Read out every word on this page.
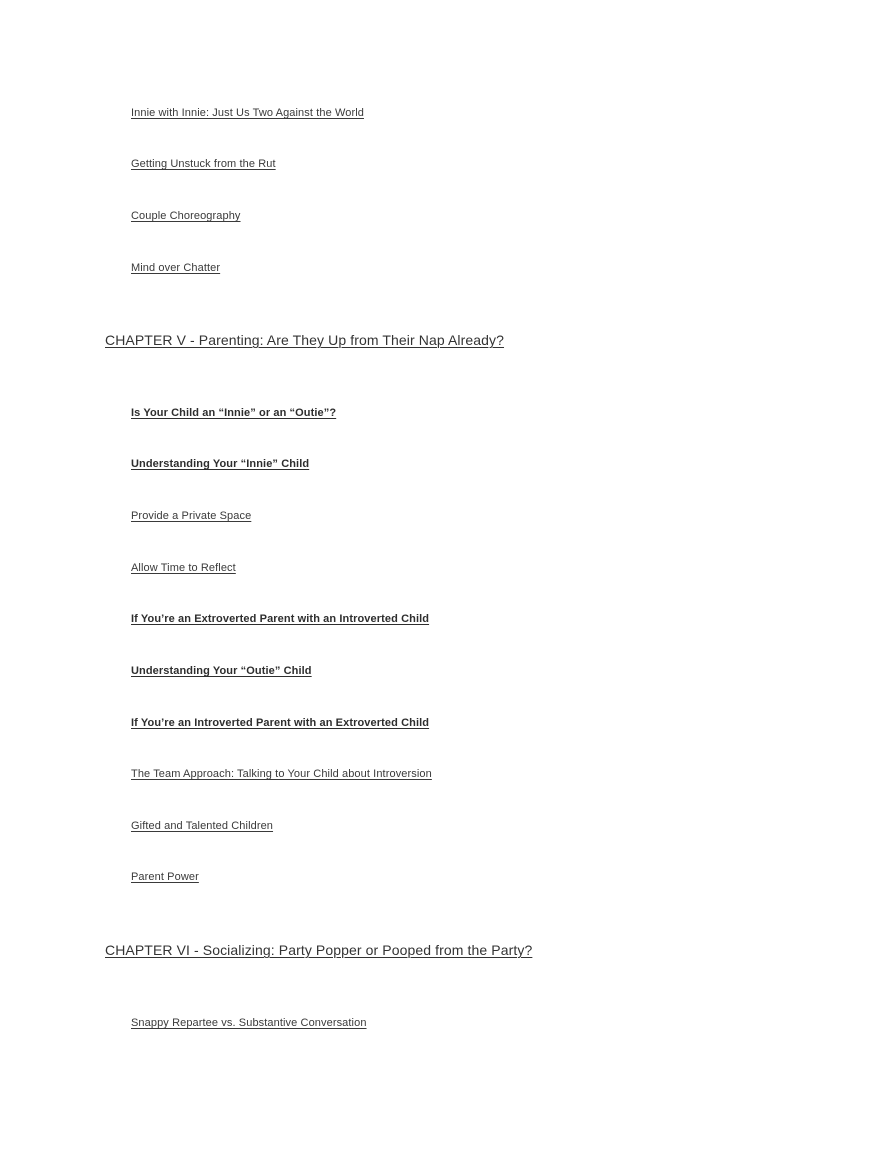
Innie with Innie: Just Us Two Against the World
Getting Unstuck from the Rut
Couple Choreography
Mind over Chatter
CHAPTER V - Parenting: Are They Up from Their Nap Already?
Is Your Child an “Innie” or an “Outie”?
Understanding Your “Innie” Child
Provide a Private Space
Allow Time to Reflect
If You’re an Extroverted Parent with an Introverted Child
Understanding Your “Outie” Child
If You’re an Introverted Parent with an Extroverted Child
The Team Approach: Talking to Your Child about Introversion
Gifted and Talented Children
Parent Power
CHAPTER VI - Socializing: Party Popper or Pooped from the Party?
Snappy Repartee vs. Substantive Conversation
